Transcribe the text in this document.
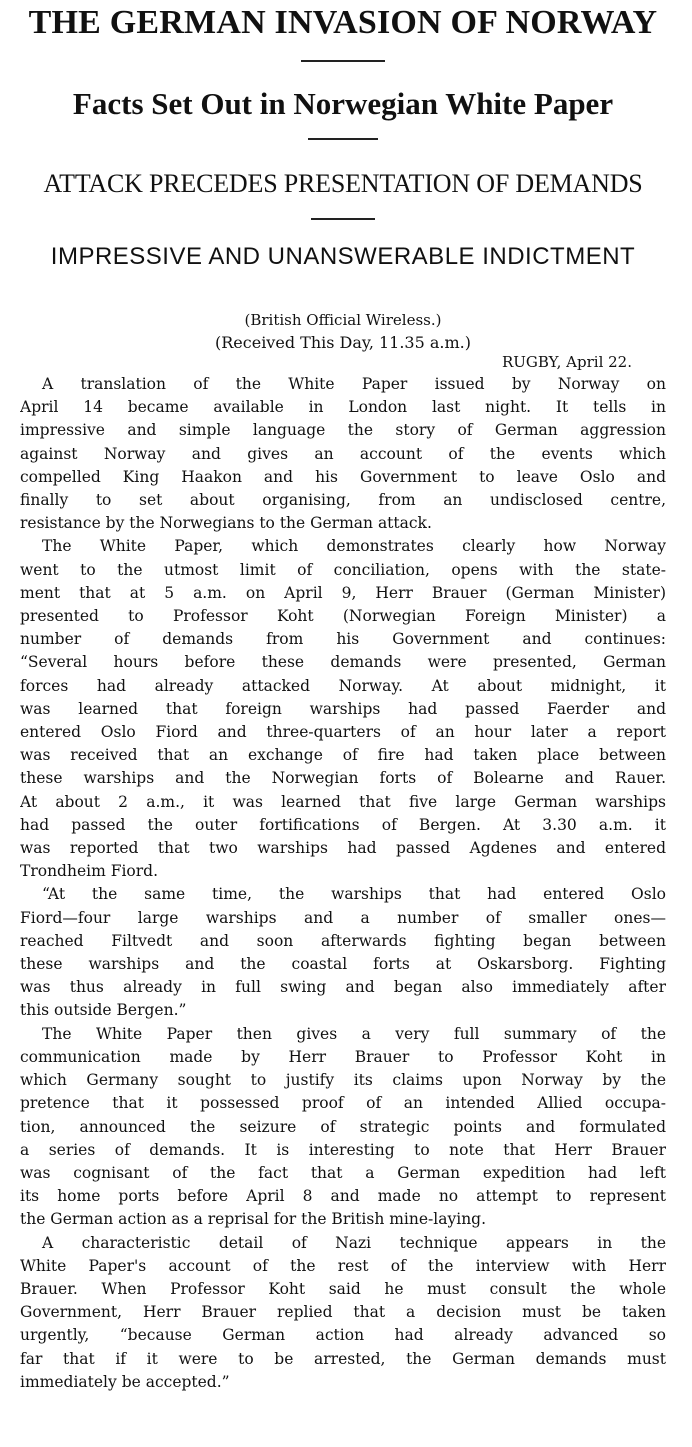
THE GERMAN INVASION OF NORWAY
Facts Set Out in Norwegian White Paper
ATTACK PRECEDES PRESENTATION OF DEMANDS
IMPRESSIVE AND UNANSWERABLE INDICTMENT

(British Official Wireless.)

(Received This Day, 11.35 a.m.)

RUGBY, April 22.

A translation of the White Paper issued by Norway on
April 14 became available in London last night. It tells in
impressive and simple language the story of German aggression
against Norway and gives an account of the events which
compelled King Haakon and his Government to leave Oslo and
finally to set about organising, from an undisclosed centre,
resistance by the Norwegians to the German attack.
The White Paper, which demonstrates clearly how Norway
went to the utmost limit of conciliation, opens with the state-
ment that at 5 a.m. on April 9, Herr Brauer (German Minister)
presented to Professor Koht (Norwegian Foreign Minister) a
number of demands from his Government and continues:
“Several hours before these demands were presented, German
forces had already attacked Norway. At about midnight, it
was learned that foreign warships had passed Faerder and
entered Oslo Fiord and three-quarters of an hour later a report
was received that an exchange of fire had taken place between
these warships and the Norwegian forts of Bolearne and Rauer.
At about 2 a.m., it was learned that five large German warships
had passed the outer fortifications of Bergen. At 3.30 a.m. it
was reported that two warships had passed Agdenes and entered
Trondheim Fiord.
“At the same time, the warships that had entered Oslo
Fiord—four large warships and a number of smaller ones—
reached Filtvedt and soon afterwards fighting began between
these warships and the coastal forts at Oskarsborg. Fighting
was thus already in full swing and began also immediately after
this outside Bergen.”
The White Paper then gives a very full summary of the
communication made by Herr Brauer to Professor Koht in
which Germany sought to justify its claims upon Norway by the
pretence that it possessed proof of an intended Allied occupa-
tion, announced the seizure of strategic points and formulated
a series of demands. It is interesting to note that Herr Brauer
was cognisant of the fact that a German expedition had left
its home ports before April 8 and made no attempt to represent
the German action as a reprisal for the British mine-laying.
A characteristic detail of Nazi technique appears in the
White Paper's account of the rest of the interview with Herr
Brauer. When Professor Koht said he must consult the whole
Government, Herr Brauer replied that a decision must be taken
urgently, “because German action had already advanced so
far that if it were to be arrested, the German demands must
immediately be accepted.”
